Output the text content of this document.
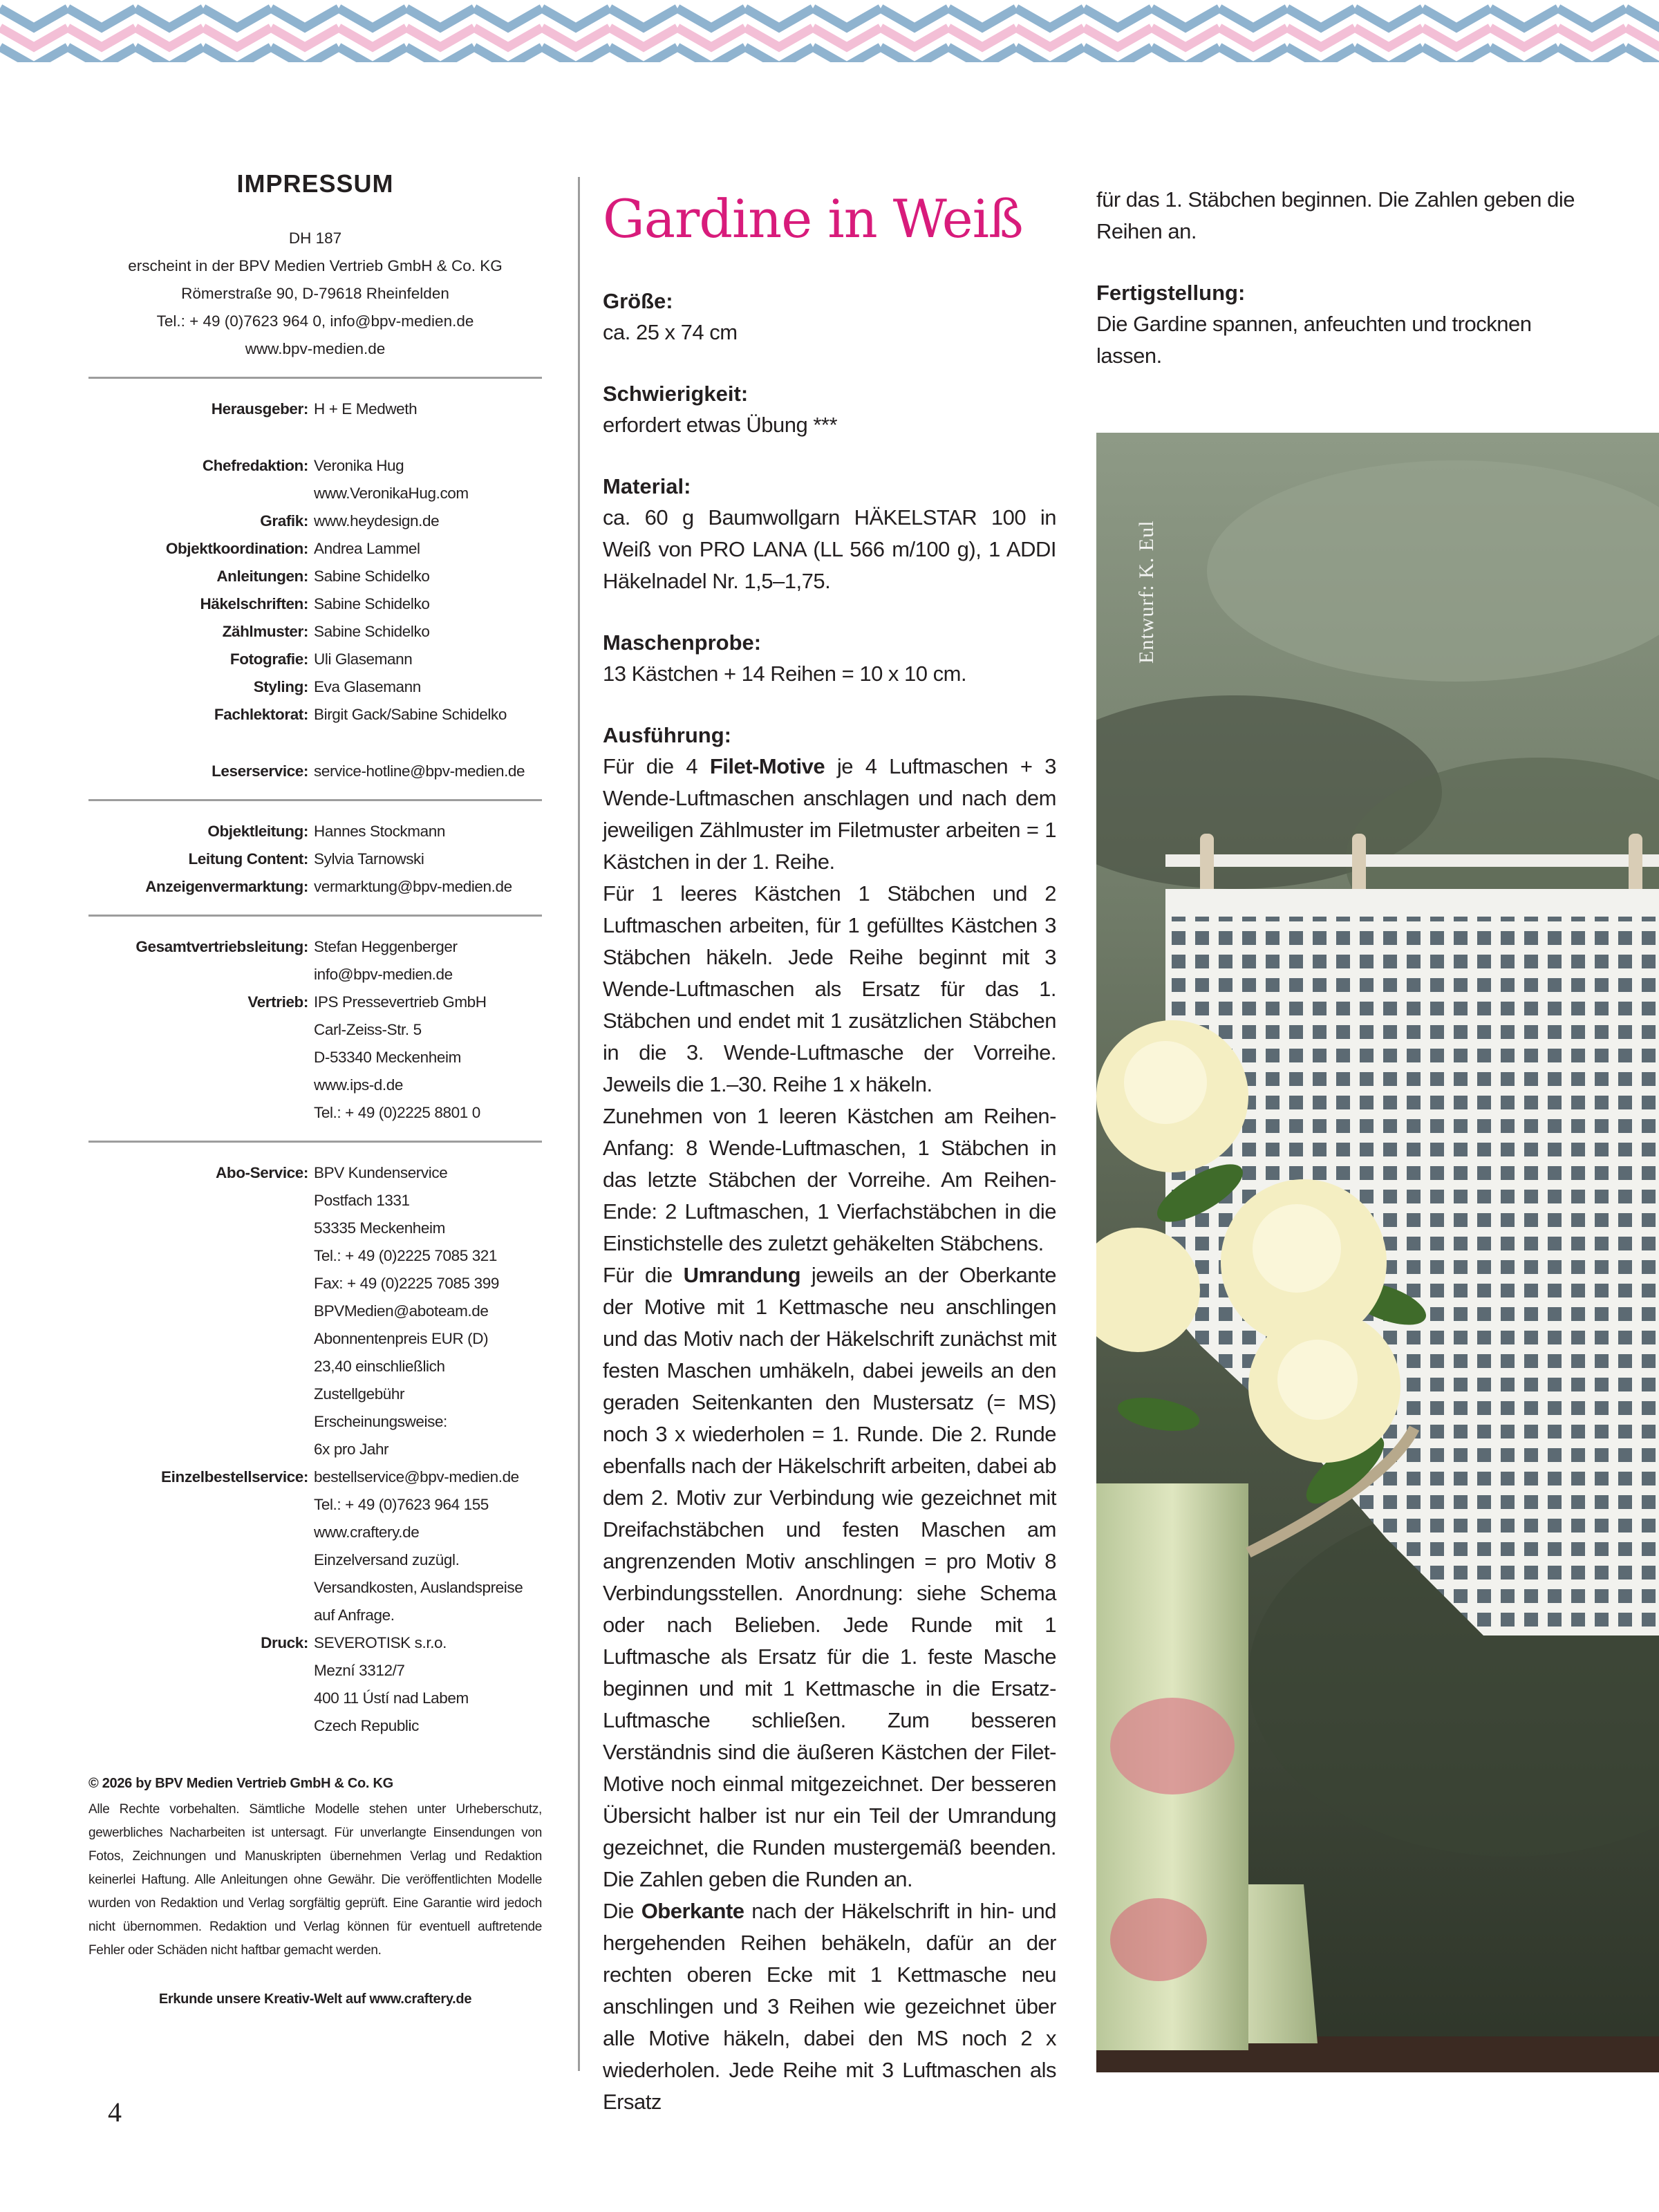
IMPRESSUM
DH 187
erscheint in der BPV Medien Vertrieb GmbH & Co. KG
Römerstraße 90, D-79618 Rheinfelden
Tel.: + 49 (0)7623 964 0, info@bpv-medien.de
www.bpv-medien.de
Herausgeber: H + E Medweth
Chefredaktion: Veronika Hug
www.VeronikaHug.com
Grafik: www.heydesign.de
Objektkoordination: Andrea Lammel
Anleitungen: Sabine Schidelko
Häkelschriften: Sabine Schidelko
Zählmuster: Sabine Schidelko
Fotografie: Uli Glasemann
Styling: Eva Glasemann
Fachlektorat: Birgit Gack/Sabine Schidelko
Leserservice: service-hotline@bpv-medien.de
Objektleitung: Hannes Stockmann
Leitung Content: Sylvia Tarnowski
Anzeigenvermarktung: vermarktung@bpv-medien.de
Gesamtvertriebsleitung: Stefan Heggenberger
info@bpv-medien.de
Vertrieb: IPS Pressevertrieb GmbH
Carl-Zeiss-Str. 5
D-53340 Meckenheim
www.ips-d.de
Tel.: + 49 (0)2225 8801 0
Abo-Service: BPV Kundenservice
Postfach 1331
53335 Meckenheim
Tel.: + 49 (0)2225 7085 321
Fax: + 49 (0)2225 7085 399
BPVMedien@aboteam.de
Abonnentenpreis EUR (D)
23,40 einschließlich
Zustellgebühr
Erscheinungsweise:
6x pro Jahr
Einzelbestellservice: bestellservice@bpv-medien.de
Tel.: + 49 (0)7623 964 155
www.craftery.de
Einzelversand zuzügl.
Versandkosten, Auslandspreise
auf Anfrage.
Druck: SEVEROTISK s.r.o.
Mezní 3312/7
400 11 Ústí nad Labem
Czech Republic
© 2026 by BPV Medien Vertrieb GmbH & Co. KG
Alle Rechte vorbehalten. Sämtliche Modelle stehen unter Urheberschutz, gewerbliches Nacharbeiten ist untersagt. Für unverlangte Einsendungen von Fotos, Zeichnungen und Manuskripten übernehmen Verlag und Redaktion keinerlei Haftung. Alle Anleitungen ohne Gewähr. Die veröffentlichten Modelle wurden von Redaktion und Verlag sorgfältig geprüft. Eine Garantie wird jedoch nicht übernommen. Redaktion und Verlag können für eventuell auftretende Fehler oder Schäden nicht haftbar gemacht werden.
Erkunde unsere Kreativ-Welt auf www.craftery.de
4
Gardine in Weiß
Größe:
ca. 25 x 74 cm
Schwierigkeit:
erfordert etwas Übung ***
Material:
ca. 60 g Baumwollgarn HÄKELSTAR 100 in Weiß von PRO LANA (LL 566 m/100 g), 1 ADDI Häkelnadel Nr. 1,5–1,75.
Maschenprobe:
13 Kästchen + 14 Reihen = 10 x 10 cm.
Ausführung:
Für die 4 Filet-Motive je 4 Luftmaschen + 3 Wende-Luftmaschen anschlagen und nach dem jeweiligen Zählmuster im Filetmuster arbeiten = 1 Kästchen in der 1. Reihe.
Für 1 leeres Kästchen 1 Stäbchen und 2 Luftmaschen arbeiten, für 1 gefülltes Kästchen 3 Stäbchen häkeln. Jede Reihe beginnt mit 3 Wende-Luftmaschen als Ersatz für das 1. Stäbchen und endet mit 1 zusätzlichen Stäbchen in die 3. Wende-Luftmasche der Vorreihe. Jeweils die 1.–30. Reihe 1 x häkeln.
Zunehmen von 1 leeren Kästchen am Reihen-Anfang: 8 Wende-Luftmaschen, 1 Stäbchen in das letzte Stäbchen der Vorreihe. Am Reihen-Ende: 2 Luftmaschen, 1 Vierfachstäbchen in die Einstichstelle des zuletzt gehäkelten Stäbchens.
Für die Umrandung jeweils an der Oberkante der Motive mit 1 Kettmasche neu anschlingen und das Motiv nach der Häkelschrift zunächst mit festen Maschen umhäkeln, dabei jeweils an den geraden Seitenkanten den Mustersatz (= MS) noch 3 x wiederholen = 1. Runde. Die 2. Runde ebenfalls nach der Häkelschrift arbeiten, dabei ab dem 2. Motiv zur Verbindung wie gezeichnet mit Dreifachstäbchen und festen Maschen am angrenzenden Motiv anschlingen = pro Motiv 8 Verbindungsstellen. Anordnung: siehe Schema oder nach Belieben. Jede Runde mit 1 Luftmasche als Ersatz für die 1. feste Masche beginnen und mit 1 Kettmasche in die Ersatz-Luftmasche schließen. Zum besseren Verständnis sind die äußeren Kästchen der Filet-Motive noch einmal mitgezeichnet. Der besseren Übersicht halber ist nur ein Teil der Umrandung gezeichnet, die Runden mustergemäß beenden. Die Zahlen geben die Runden an.
Die Oberkante nach der Häkelschrift in hin- und hergehenden Reihen behäkeln, dafür an der rechten oberen Ecke mit 1 Kettmasche neu anschlingen und 3 Reihen wie gezeichnet über alle Motive häkeln, dabei den MS noch 2 x wiederholen. Jede Reihe mit 3 Luftmaschen als Ersatz
für das 1. Stäbchen beginnen. Die Zahlen geben die Reihen an.
Fertigstellung:
Die Gardine spannen, anfeuchten und trocknen lassen.
Entwurf: K. Eul
